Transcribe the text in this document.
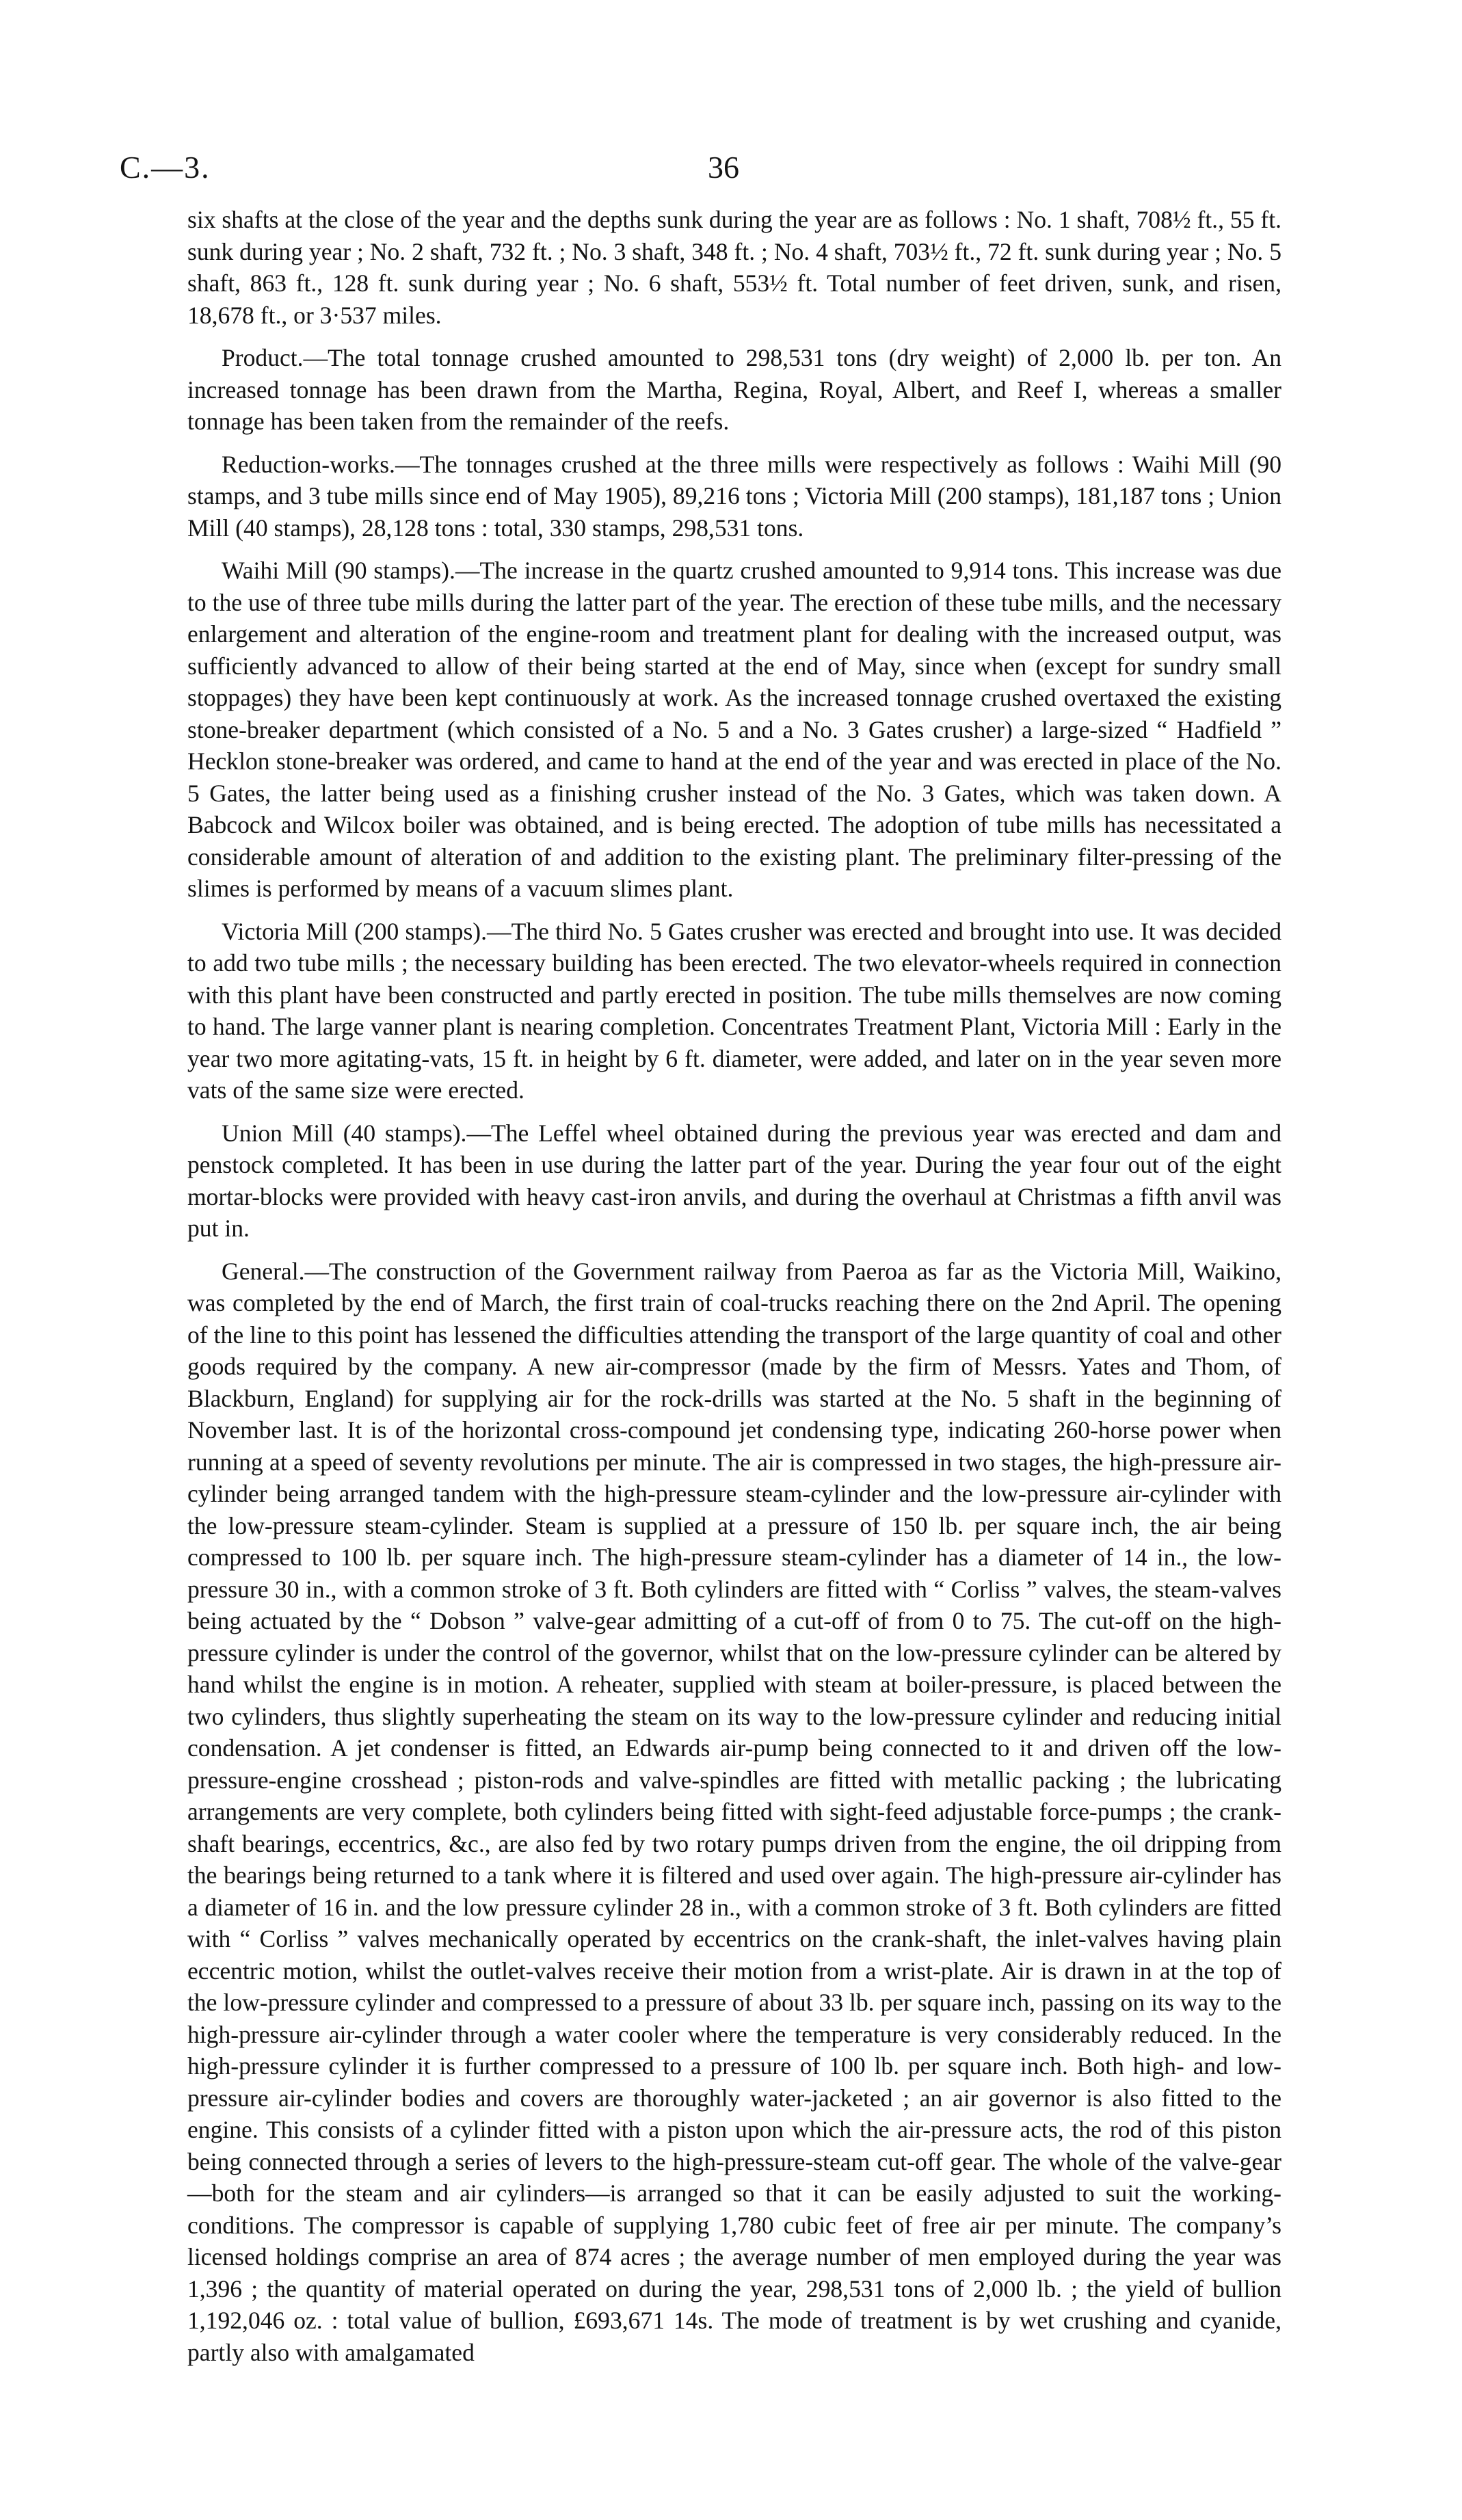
C.—3.	36

six shafts at the close of the year and the depths sunk during the year are as follows : No. 1 shaft, 708½ ft., 55 ft. sunk during year ; No. 2 shaft, 732 ft. ; No. 3 shaft, 348 ft. ; No. 4 shaft, 703½ ft., 72 ft. sunk during year ; No. 5 shaft, 863 ft., 128 ft. sunk during year ; No. 6 shaft, 553½ ft. Total number of feet driven, sunk, and risen, 18,678 ft., or 3·537 miles.

Product.—The total tonnage crushed amounted to 298,531 tons (dry weight) of 2,000 lb. per ton. An increased tonnage has been drawn from the Martha, Regina, Royal, Albert, and Reef I, whereas a smaller tonnage has been taken from the remainder of the reefs.

Reduction-works.—The tonnages crushed at the three mills were respectively as follows : Waihi Mill (90 stamps, and 3 tube mills since end of May 1905), 89,216 tons ; Victoria Mill (200 stamps), 181,187 tons ; Union Mill (40 stamps), 28,128 tons : total, 330 stamps, 298,531 tons.

Waihi Mill (90 stamps).—The increase in the quartz crushed amounted to 9,914 tons. This increase was due to the use of three tube mills during the latter part of the year. The erection of these tube mills, and the necessary enlargement and alteration of the engine-room and treatment plant for dealing with the increased output, was sufficiently advanced to allow of their being started at the end of May, since when (except for sundry small stoppages) they have been kept continuously at work. As the increased tonnage crushed overtaxed the existing stone-breaker department (which consisted of a No. 5 and a No. 3 Gates crusher) a large-sized “ Hadfield ” Hecklon stone-breaker was ordered, and came to hand at the end of the year and was erected in place of the No. 5 Gates, the latter being used as a finishing crusher instead of the No. 3 Gates, which was taken down. A Babcock and Wilcox boiler was obtained, and is being erected. The adoption of tube mills has necessitated a considerable amount of alteration of and addition to the existing plant. The preliminary filter-pressing of the slimes is performed by means of a vacuum slimes plant.

Victoria Mill (200 stamps).—The third No. 5 Gates crusher was erected and brought into use. It was decided to add two tube mills ; the necessary building has been erected. The two elevator-wheels required in connection with this plant have been constructed and partly erected in position. The tube mills themselves are now coming to hand. The large vanner plant is nearing completion. Concentrates Treatment Plant, Victoria Mill : Early in the year two more agitating-vats, 15 ft. in height by 6 ft. diameter, were added, and later on in the year seven more vats of the same size were erected.

Union Mill (40 stamps).—The Leffel wheel obtained during the previous year was erected and dam and penstock completed. It has been in use during the latter part of the year. During the year four out of the eight mortar-blocks were provided with heavy cast-iron anvils, and during the overhaul at Christmas a fifth anvil was put in.

General.—The construction of the Government railway from Paeroa as far as the Victoria Mill, Waikino, was completed by the end of March, the first train of coal-trucks reaching there on the 2nd April. The opening of the line to this point has lessened the difficulties attending the transport of the large quantity of coal and other goods required by the company. A new air-compressor (made by the firm of Messrs. Yates and Thom, of Blackburn, England) for supplying air for the rock-drills was started at the No. 5 shaft in the beginning of November last. It is of the horizontal cross-compound jet condensing type, indicating 260-horse power when running at a speed of seventy revolutions per minute. The air is compressed in two stages, the high-pressure air-cylinder being arranged tandem with the high-pressure steam-cylinder and the low-pressure air-cylinder with the low-pressure steam-cylinder. Steam is supplied at a pressure of 150 lb. per square inch, the air being compressed to 100 lb. per square inch. The high-pressure steam-cylinder has a diameter of 14 in., the low-pressure 30 in., with a common stroke of 3 ft. Both cylinders are fitted with “ Corliss ” valves, the steam-valves being actuated by the “ Dobson ” valve-gear admitting of a cut-off of from 0 to 75. The cut-off on the high-pressure cylinder is under the control of the governor, whilst that on the low-pressure cylinder can be altered by hand whilst the engine is in motion. A reheater, supplied with steam at boiler-pressure, is placed between the two cylinders, thus slightly superheating the steam on its way to the low-pressure cylinder and reducing initial condensation. A jet condenser is fitted, an Edwards air-pump being connected to it and driven off the low-pressure-engine crosshead ; piston-rods and valve-spindles are fitted with metallic packing ; the lubricating arrangements are very complete, both cylinders being fitted with sight-feed adjustable force-pumps ; the crank-shaft bearings, eccentrics, &c., are also fed by two rotary pumps driven from the engine, the oil dripping from the bearings being returned to a tank where it is filtered and used over again. The high-pressure air-cylinder has a diameter of 16 in. and the low pressure cylinder 28 in., with a common stroke of 3 ft. Both cylinders are fitted with “ Corliss ” valves mechanically operated by eccentrics on the crank-shaft, the inlet-valves having plain eccentric motion, whilst the outlet-valves receive their motion from a wrist-plate. Air is drawn in at the top of the low-pressure cylinder and compressed to a pressure of about 33 lb. per square inch, passing on its way to the high-pressure air-cylinder through a water cooler where the temperature is very considerably reduced. In the high-pressure cylinder it is further compressed to a pressure of 100 lb. per square inch. Both high- and low-pressure air-cylinder bodies and covers are thoroughly water-jacketed ; an air governor is also fitted to the engine. This consists of a cylinder fitted with a piston upon which the air-pressure acts, the rod of this piston being connected through a series of levers to the high-pressure-steam cut-off gear. The whole of the valve-gear—both for the steam and air cylinders—is arranged so that it can be easily adjusted to suit the working-conditions. The compressor is capable of supplying 1,780 cubic feet of free air per minute. The company’s licensed holdings comprise an area of 874 acres ; the average number of men employed during the year was 1,396 ; the quantity of material operated on during the year, 298,531 tons of 2,000 lb. ; the yield of bullion 1,192,046 oz. : total value of bullion, £693,671 14s. The mode of treatment is by wet crushing and cyanide, partly also with amalgamated
